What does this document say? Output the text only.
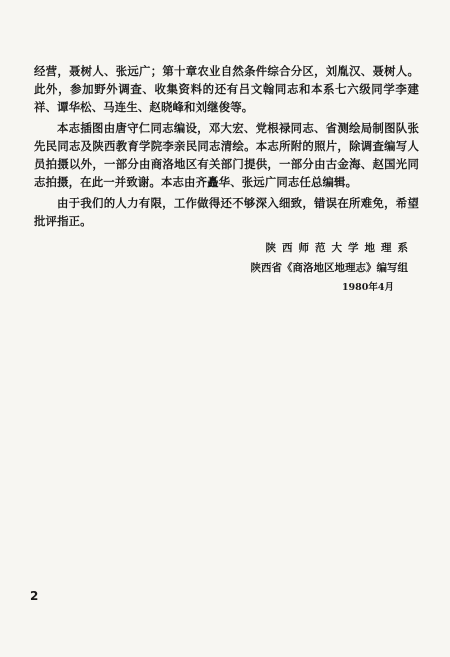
经营，聂树人、张远广；第十章农业自然条件综合分区，刘胤汉、聂树人。此外，参加野外调查、收集资料的还有吕文翰同志和本系七六级同学李建祥、谭华松、马连生、赵晓峰和刘继俊等。

本志插图由唐守仁同志编设，邓大宏、党根禄同志、省测绘局制图队张先民同志及陕西教育学院李亲民同志清绘。本志所附的照片，除调查编写人员拍摄以外，一部分由商洛地区有关部门提供，一部分由古金海、赵国光同志拍摄，在此一并致谢。本志由齐矗华、张远广同志任总编辑。

由于我们的人力有限，工作做得还不够深入细致，错误在所难免，希望批评指正。

陕西师范大学地理系
陕西省《商洛地区地理志》编写组
1980年4月
2
